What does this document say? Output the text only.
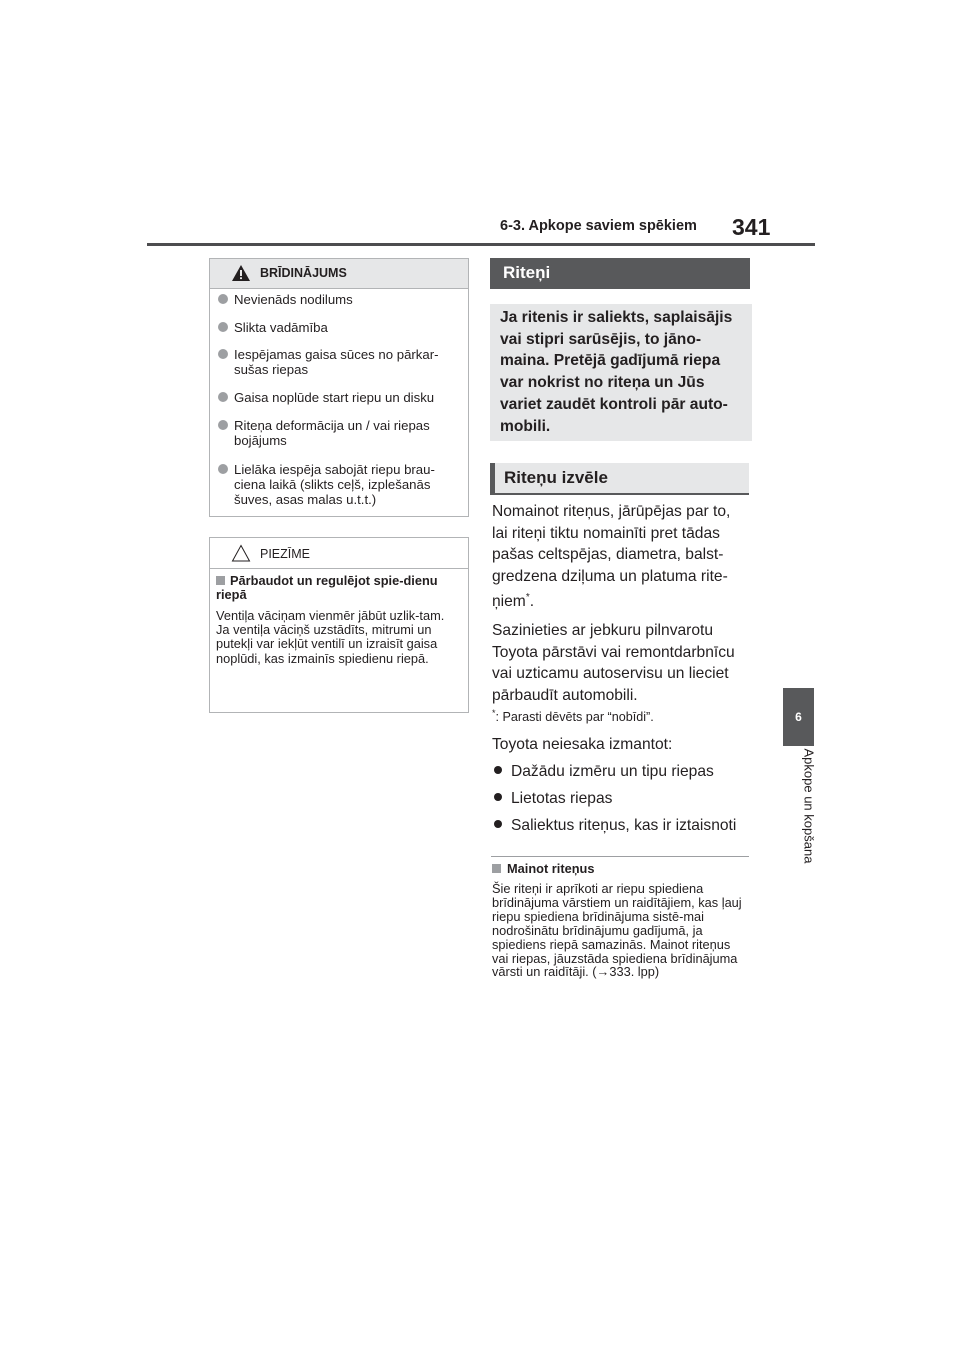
6-3. Apkope saviem spēkiem 341
6
Apkope un kopšana
BRĪDINĀJUMS
Nevienāds nodilums
Slikta vadāmība
Iespējamas gaisa sūces no pārkar-sušas riepas
Gaisa noplūde start riepu un disku
Riteņa deformācija un / vai riepas bojājums
Lielāka iespēja sabojāt riepu brau-ciena laikā (slikts ceļš, izplešanās šuves, asas malas u.t.t.)
PIEZĪME
Pārbaudot un regulējot spie-dienu riepā
Ventiļa vāciņam vienmēr jābūt uzlik-tam.
Ja ventiļa vāciņš uzstādīts, mitrumi un putekļi var iekļūt ventilī un izraisīt gaisa noplūdi, kas izmainīs spiedienu riepā.
Riteņi

Ja ritenis ir saliekts, saplaisājis vai stipri sarūsējis, to jāno-maina. Pretējā gadījumā riepa var nokrist no riteņa un Jūs variet zaudēt kontroli pār auto-mobili.

Riteņu izvēle
Nomainot riteņus, jārūpējas par to, lai riteņi tiktu nomainīti pret tādas pašas celtspējas, diametra, balst-gredzena dziļuma un platuma rite-ņiem*.
Sazinieties ar jebkuru pilnvarotu Toyota pārstāvi vai remontdarbnīcu vai uzticamu autoservisu un lieciet pārbaudīt automobili.
*: Parasti dēvēts par “nobīdi”.
Toyota neiesaka izmantot:
Dažādu izmēru un tipu riepas
Lietotas riepas
Saliektus riteņus, kas ir iztaisnoti
Mainot riteņus
Šie riteņi ir aprīkoti ar riepu spiediena brīdinājuma vārstiem un raidītājiem, kas ļauj riepu spiediena brīdinājuma sistē-mai nodrošinātu brīdinājumu gadījumā, ja spiediens riepā samazinās. Mainot riteņus vai riepas, jāuzstāda spiediena brīdinājuma vārsti un raidītāji. (→333. lpp)
